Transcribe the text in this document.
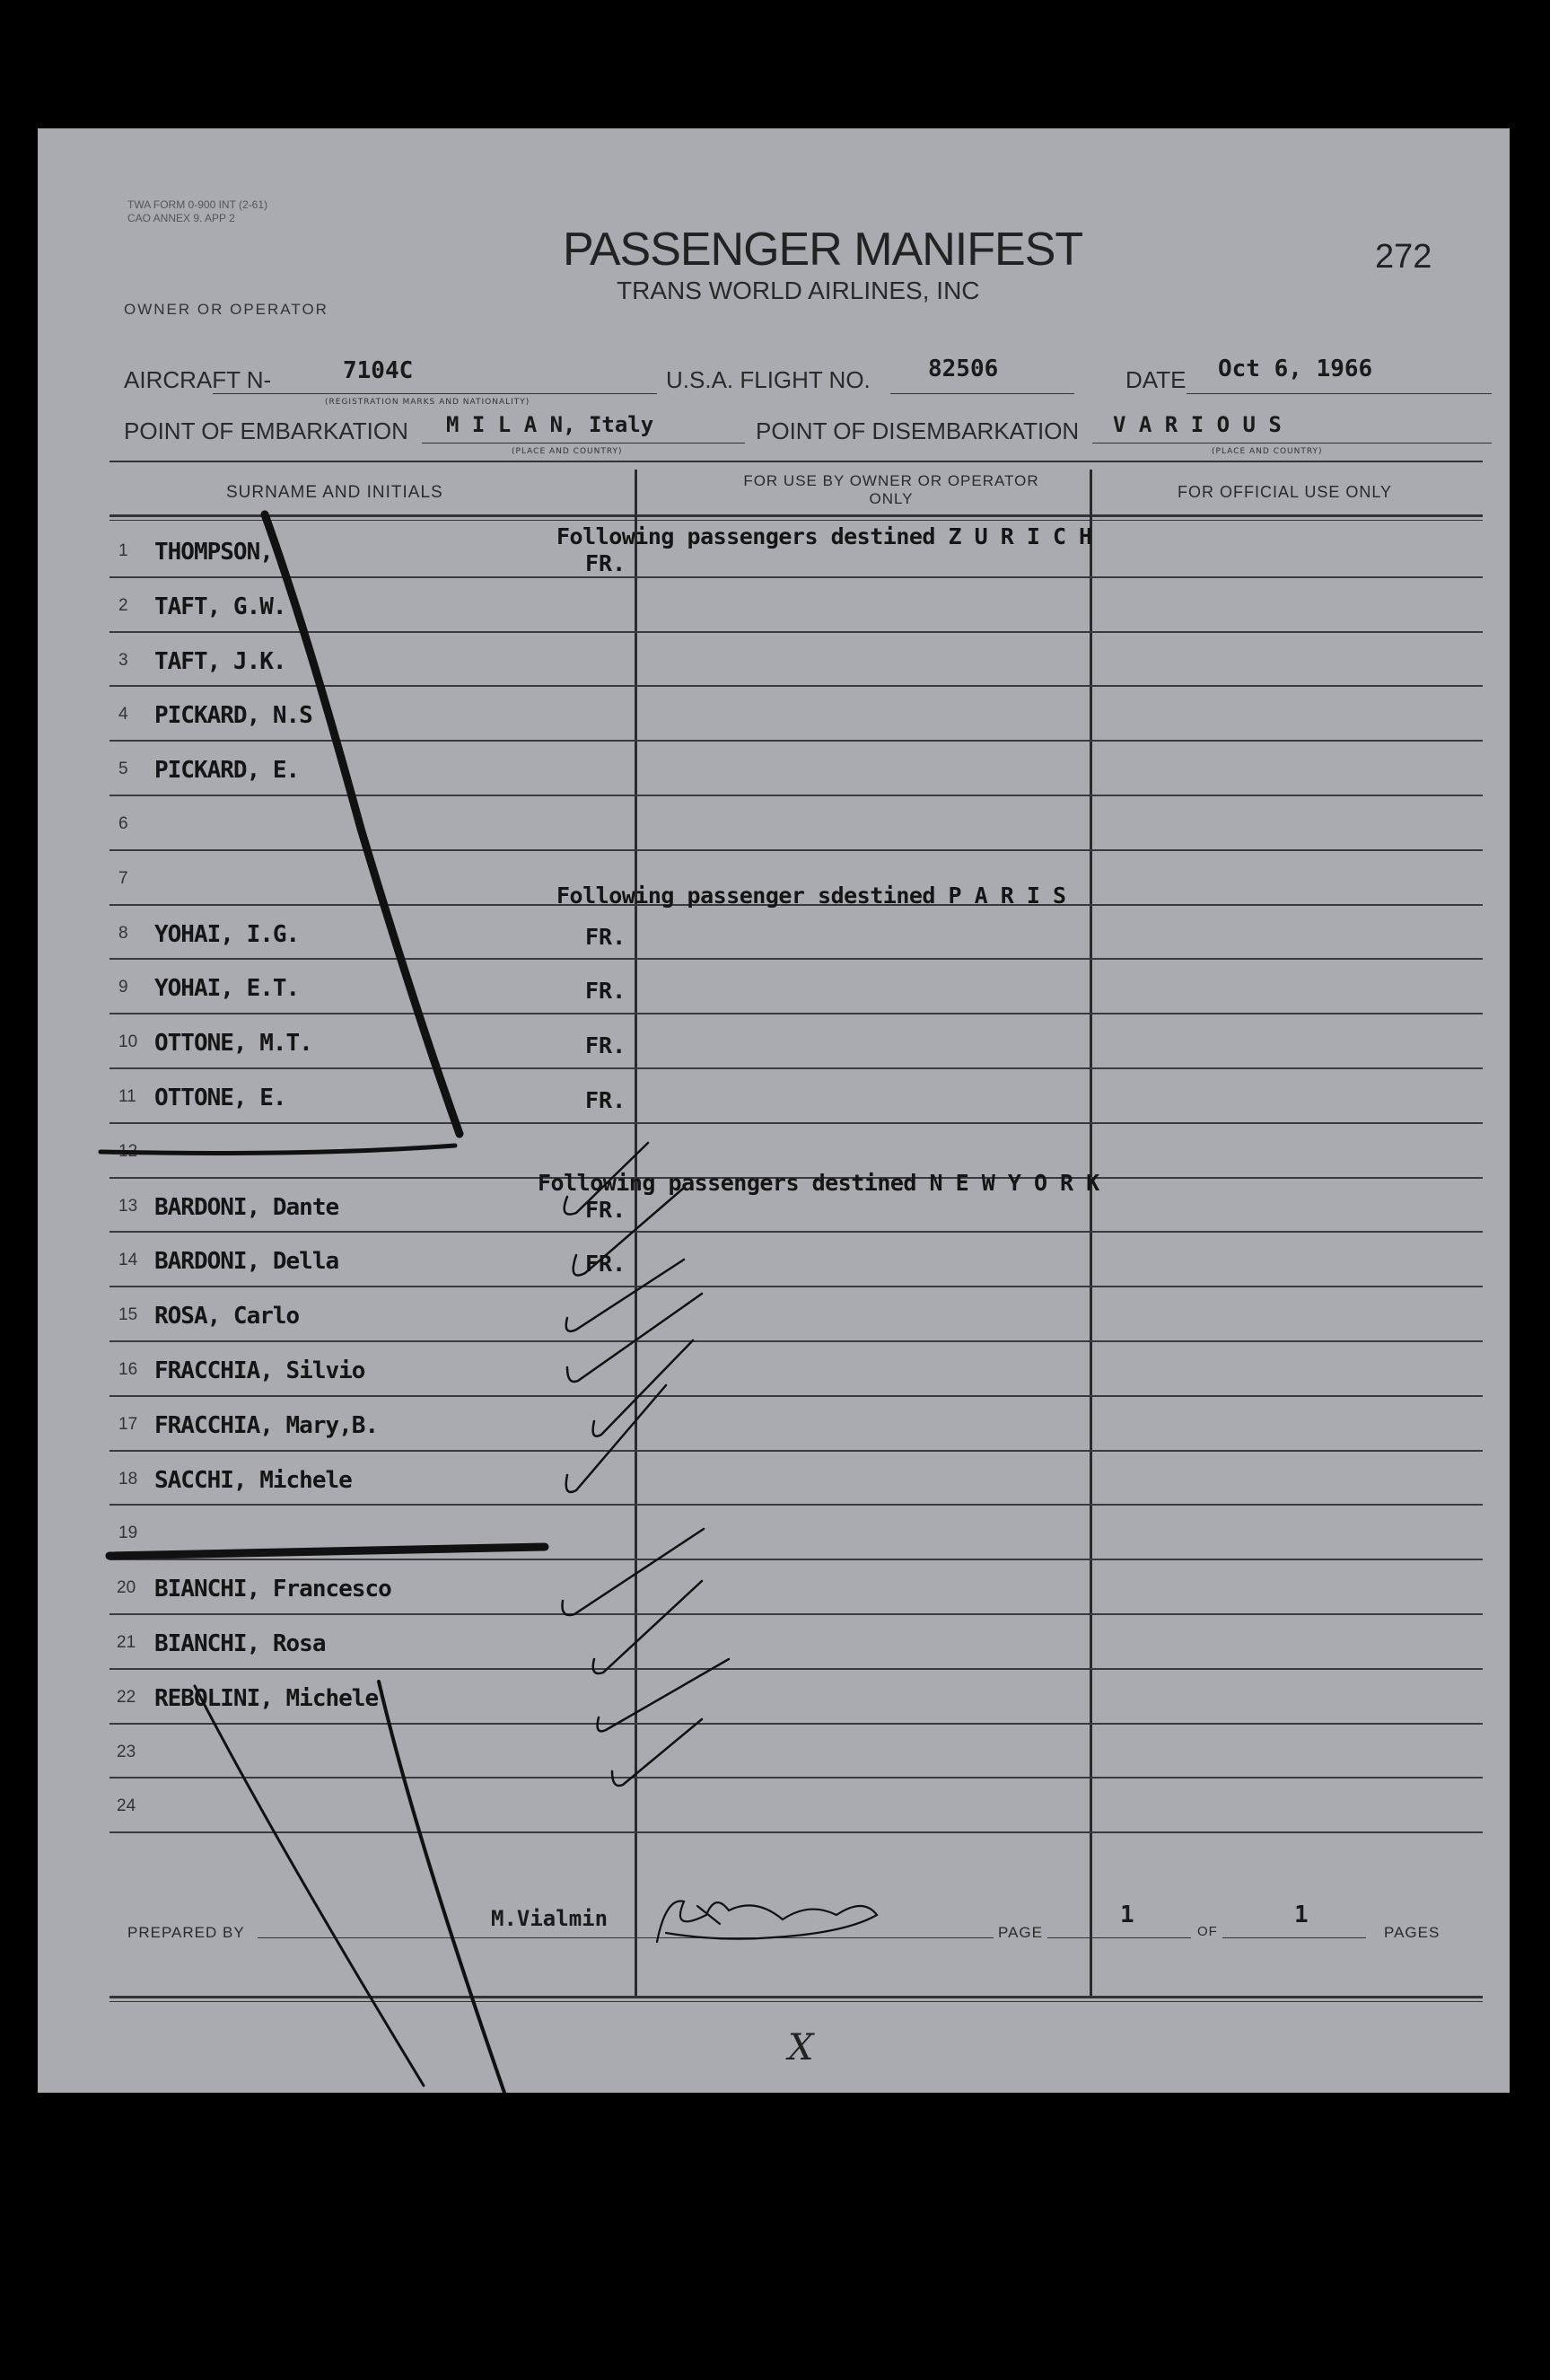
TWA FORM 0-900 INT (2-61)
CAO ANNEX 9. APP 2
PASSENGER MANIFEST
TRANS WORLD AIRLINES, INC
272
OWNER OR OPERATOR
AIRCRAFT N-	7104C
(REGISTRATION MARKS AND NATIONALITY)
U.S.A. FLIGHT NO. 82506	DATE Oct 6, 1966
POINT OF EMBARKATION M I L A N, Italy
(PLACE AND COUNTRY)
POINT OF DISEMBARKATION V A R I O U S
(PLACE AND COUNTRY)
SURNAME AND INITIALS
FOR USE BY OWNER OR OPERATOR ONLY	FOR OFFICIAL USE ONLY
1 THOMPSON,	FR.
2 TAFT, G.W.
3 TAFT, J.K.
4 PICKARD, N.S
5 PICKARD, E.
6
7
8 YOHAI, I.G.	FR.
9 YOHAI, E.T.	FR.
10 OTTONE, M.T.	FR.
11 OTTONE, E.	FR.
12
13 BARDONI, Dante	FR.
14 BARDONI, Della	FR.
15 ROSA, Carlo
16 FRACCHIA, Silvio
17 FRACCHIA, Mary,B.
18 SACCHI, Michele
19
20 BIANCHI, Francesco
21 BIANCHI, Rosa
22 REBOLINI, Michele
23
24
Following passengers destined Z U R I C H
Following passenger sdestined P A R I S
Following passengers destined N E W Y O R K
PREPARED BY
M.Vialmin
PAGE
1
OF
1
PAGES
X
